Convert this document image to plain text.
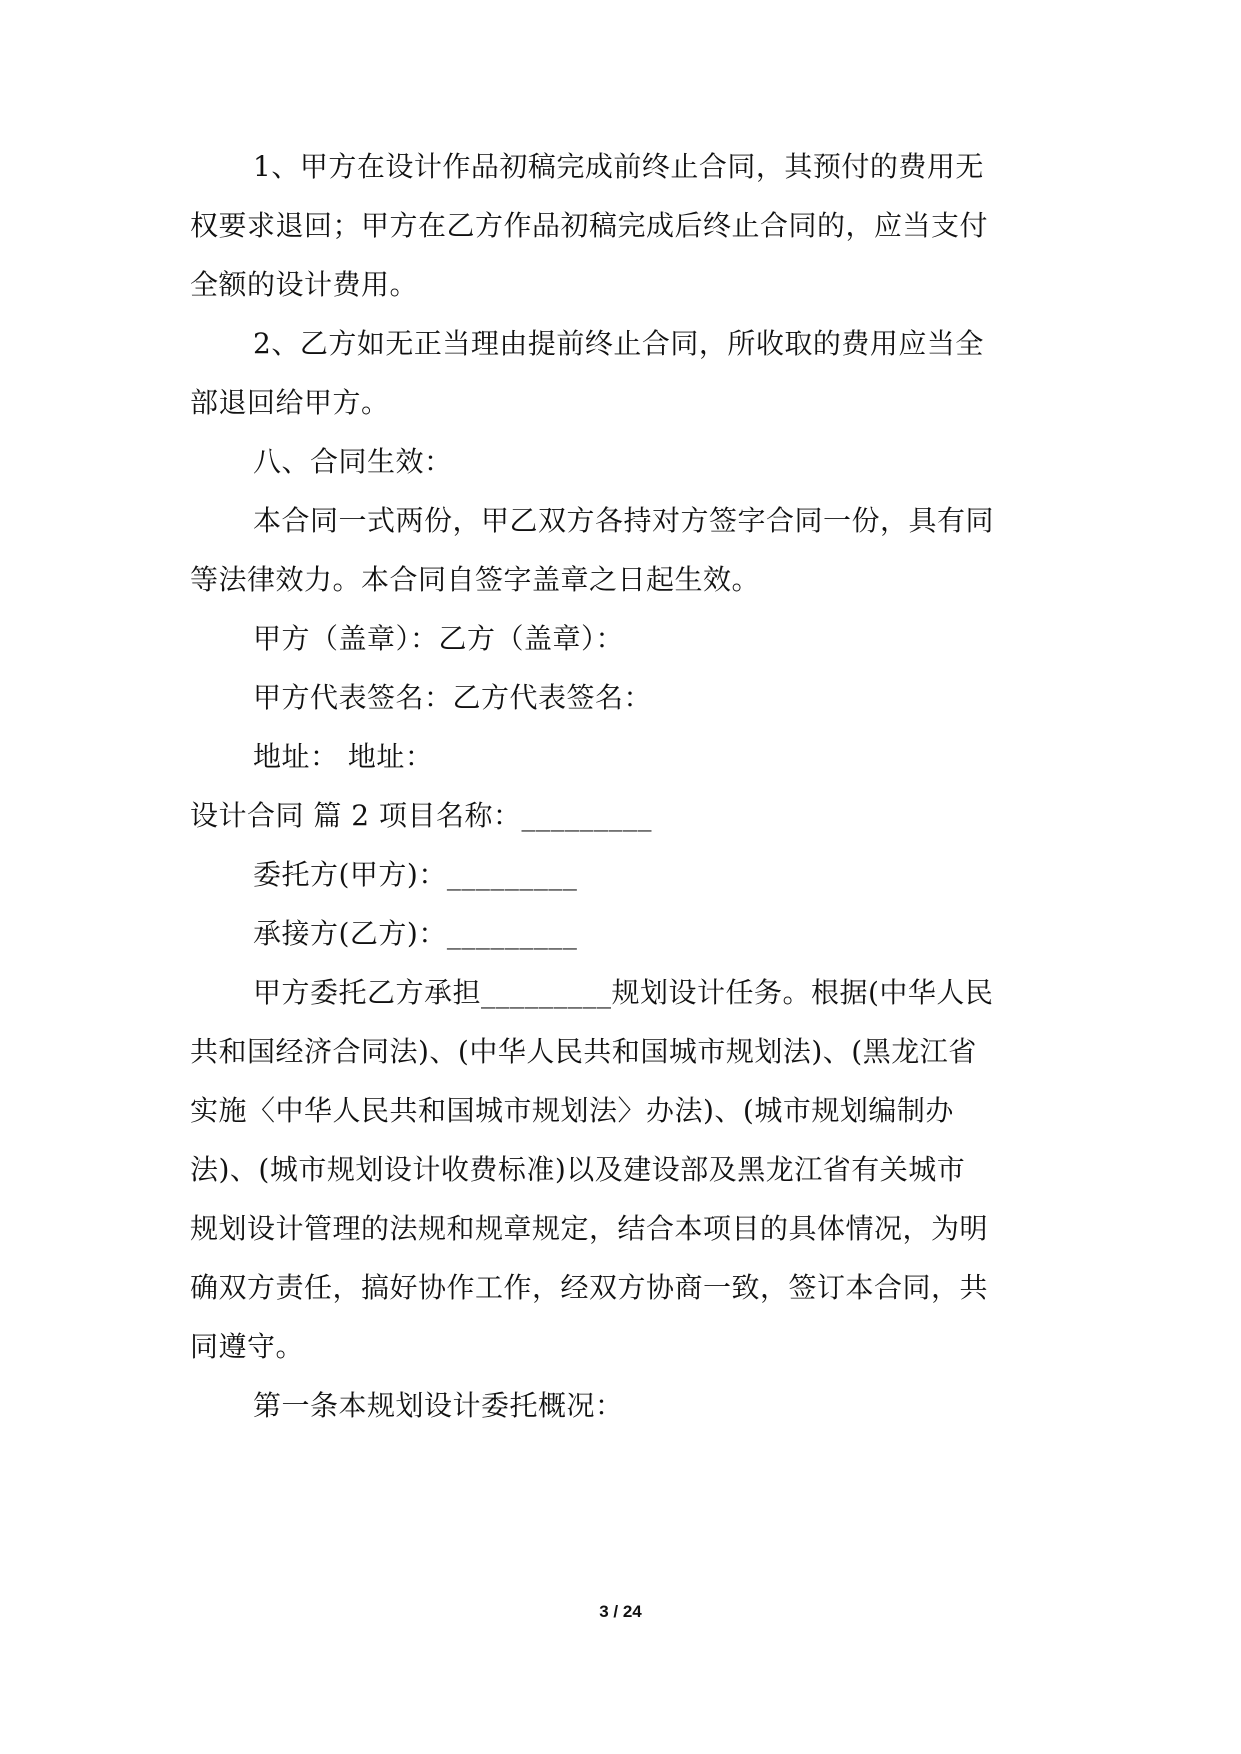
1、甲方在设计作品初稿完成前终止合同，其预付的费用无
权要求退回；甲方在乙方作品初稿完成后终止合同的，应当支付
全额的设计费用。
2、乙方如无正当理由提前终止合同，所收取的费用应当全
部退回给甲方。
八、合同生效：
本合同一式两份，甲乙双方各持对方签字合同一份，具有同
等法律效力。本合同自签字盖章之日起生效。
甲方（盖章）：乙方（盖章）：
甲方代表签名：乙方代表签名：
地址： 地址：
设计合同 篇 2 项目名称：_________
委托方(甲方)：_________
承接方(乙方)：_________
甲方委托乙方承担_________规划设计任务。根据(中华人民
共和国经济合同法)、(中华人民共和国城市规划法)、(黑龙江省
实施〈中华人民共和国城市规划法〉办法)、(城市规划编制办
法)、(城市规划设计收费标准)以及建设部及黑龙江省有关城市
规划设计管理的法规和规章规定，结合本项目的具体情况，为明
确双方责任，搞好协作工作，经双方协商一致，签订本合同，共
同遵守。
第一条本规划设计委托概况：
3 / 24
